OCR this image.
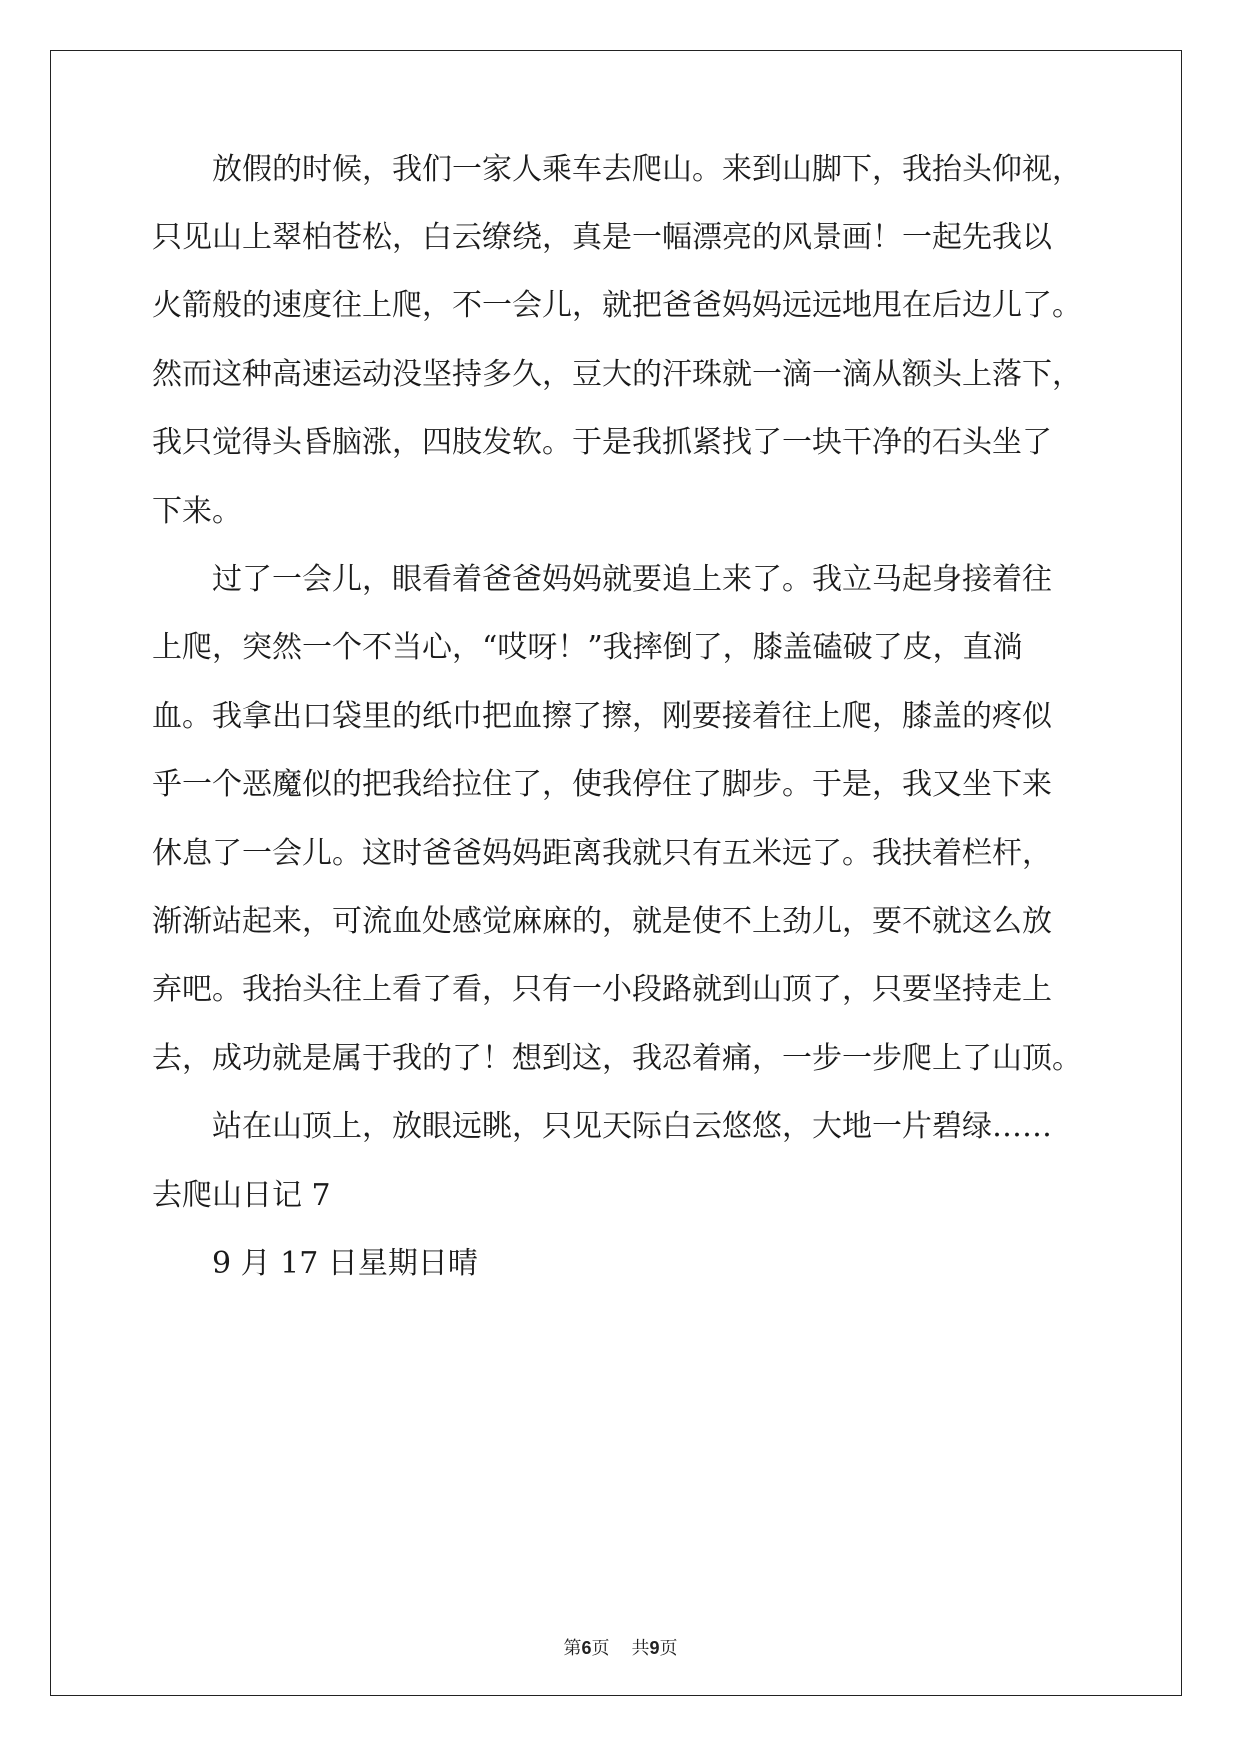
放假的时候，我们一家人乘车去爬山。来到山脚下，我抬头仰视，
只见山上翠柏苍松，白云缭绕，真是一幅漂亮的风景画！一起先我以
火箭般的速度往上爬，不一会儿，就把爸爸妈妈远远地甩在后边儿了。
然而这种高速运动没坚持多久，豆大的汗珠就一滴一滴从额头上落下，
我只觉得头昏脑涨，四肢发软。于是我抓紧找了一块干净的石头坐了
下来。
过了一会儿，眼看着爸爸妈妈就要追上来了。我立马起身接着往
上爬，突然一个不当心，“哎呀！”我摔倒了，膝盖磕破了皮，直淌
血。我拿出口袋里的纸巾把血擦了擦，刚要接着往上爬，膝盖的疼似
乎一个恶魔似的把我给拉住了，使我停住了脚步。于是，我又坐下来
休息了一会儿。这时爸爸妈妈距离我就只有五米远了。我扶着栏杆，
渐渐站起来，可流血处感觉麻麻的，就是使不上劲儿，要不就这么放
弃吧。我抬头往上看了看，只有一小段路就到山顶了，只要坚持走上
去，成功就是属于我的了！想到这，我忍着痛，一步一步爬上了山顶。
站在山顶上，放眼远眺，只见天际白云悠悠，大地一片碧绿……
去爬山日记 7
9 月 17 日星期日晴
第6页 共9页
